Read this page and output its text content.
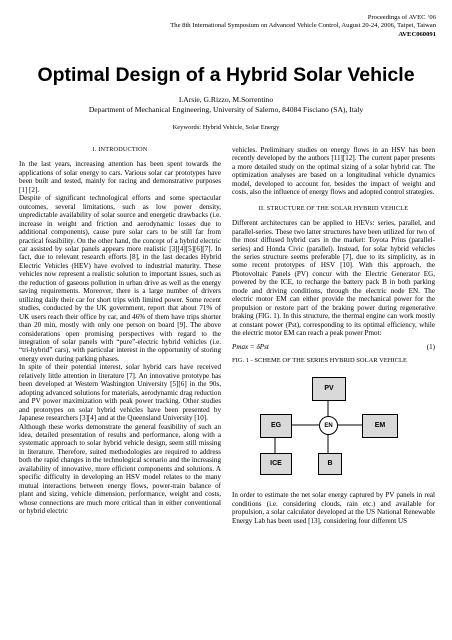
Proceedings of AVEC ‘06
The 8th International Symposium on Advanced Vehicle Control, August 20-24, 2006, Taipei, Taiwan
AVEC060091
Optimal Design of a Hybrid Solar Vehicle
I.Arsie, G.Rizzo, M.Sorrentino
Department of Mechanical Engineering, University of Salerno, 84084 Fisciano (SA), Italy
Keywords: Hybrid Vehicle, Solar Energy

I. INTRODUCTION

In the last years, increasing attention has been spent towards the applications of solar energy to cars. Various solar car prototypes have been built and tested, mainly for racing and demonstrative purposes [1] [2].

Despite of significant technological efforts and some spectacular outcomes, several limitations, such as low power density, unpredictable availability of solar source and energetic drawbacks (i.e. increase in weight and friction and aerodynamic losses due to additional components), cause pure solar cars to be still far from practical feasibility. On the other hand, the concept of a hybrid electric car assisted by solar panels appears more realistic [3][4][5][6][7]. In fact, due to relevant research efforts [8], in the last decades Hybrid Electric Vehicles (HEV) have evolved to industrial maturity. These vehicles now represent a realistic solution to important issues, such as the reduction of gaseous pollution in urban drive as well as the energy saving requirements. Moreover, there is a large number of drivers utilizing daily their car for short trips with limited power. Some recent studies, conducted by the UK government, report that about 71% of UK users reach their office by car, and 46% of them have trips shorter than 20 min, mostly with only one person on board [9]. The above considerations open promising perspectives with regard to the integration of solar panels with “pure”-electric hybrid vehicles (i.e. “tri-hybrid” cars), with particular interest in the opportunity of storing energy even during parking phases.

In spite of their potential interest, solar hybrid cars have received relatively little attention in literature [7]. An innovative prototype has been developed at Western Washington University [5][6] in the 90s, adopting advanced solutions for materials, aerodynamic drag reduction and PV power maximization with peak power tracking. Other studies and prototypes on solar hybrid vehicles have been presented by Japanese researchers [3][4] and at the Queensland University [10].

Although these works demonstrate the general feasibility of such an idea, detailed presentation of results and performance, along with a systematic approach to solar hybrid vehicle design, seem still missing in literature. Therefore, suited methodologies are required to address both the rapid changes in the technological scenario and the increasing availability of innovative, more efficient components and solutions. A specific difficulty in developing an HSV model relates to the many mutual interactions between energy flows, power-train balance of plant and sizing, vehicle dimension, performance, weight and costs, whose connections are much more critical than in either conventional or hybrid electric

vehicles. Preliminary studies on energy flows in an HSV has been recently developed by the authors [11][12]. The current paper presents a more detailed study on the optimal sizing of a solar hybrid car. The optimization analyses are based on a longitudinal vehicle dynamics model, developed to account for, besides the impact of weight and costs, also the influence of energy flows and adopted control strategies.

II. STRUCTURE OF THE SOLAR HYBRID VEHICLE

Different architectures can be applied to HEVs: series, parallel, and parallel-series. These two latter structures have been utilized for two of the most diffused hybrid cars in the market: Toyota Prius (parallel-series) and Honda Civic (parallel). Instead, for solar hybrid vehicles the series structure seems preferable [7], due to its simplicity, as in some recent prototypes of HSV [10]. With this approach, the Photovoltaic Panels (PV) concur with the Electric Generator EG, powered by the ICE, to recharge the battery pack B in both parking mode and driving conditions, through the electric node EN. The electric motor EM can either provide the mechanical power for the propulsion or restore part of the braking power during regenerative braking (FIG. 1). In this structure, the thermal engine can work mostly at constant power (Pst), corresponding to its optimal efficiency, while the electric motor EM can reach a peak power Pmot:

Pmax = δPst	(1)

FIG. 1 - SCHEME OF THE SERIES HYBRID SOLAR VEHICLE

PV
EG	EN	EM
ICE	B

In order to estimate the net solar energy captured by PV panels in real conditions (i.e. considering clouds, rain etc.) and available for propulsion, a solar calculator developed at the US National Renewable Energy Lab has been used [13], considering four different US
